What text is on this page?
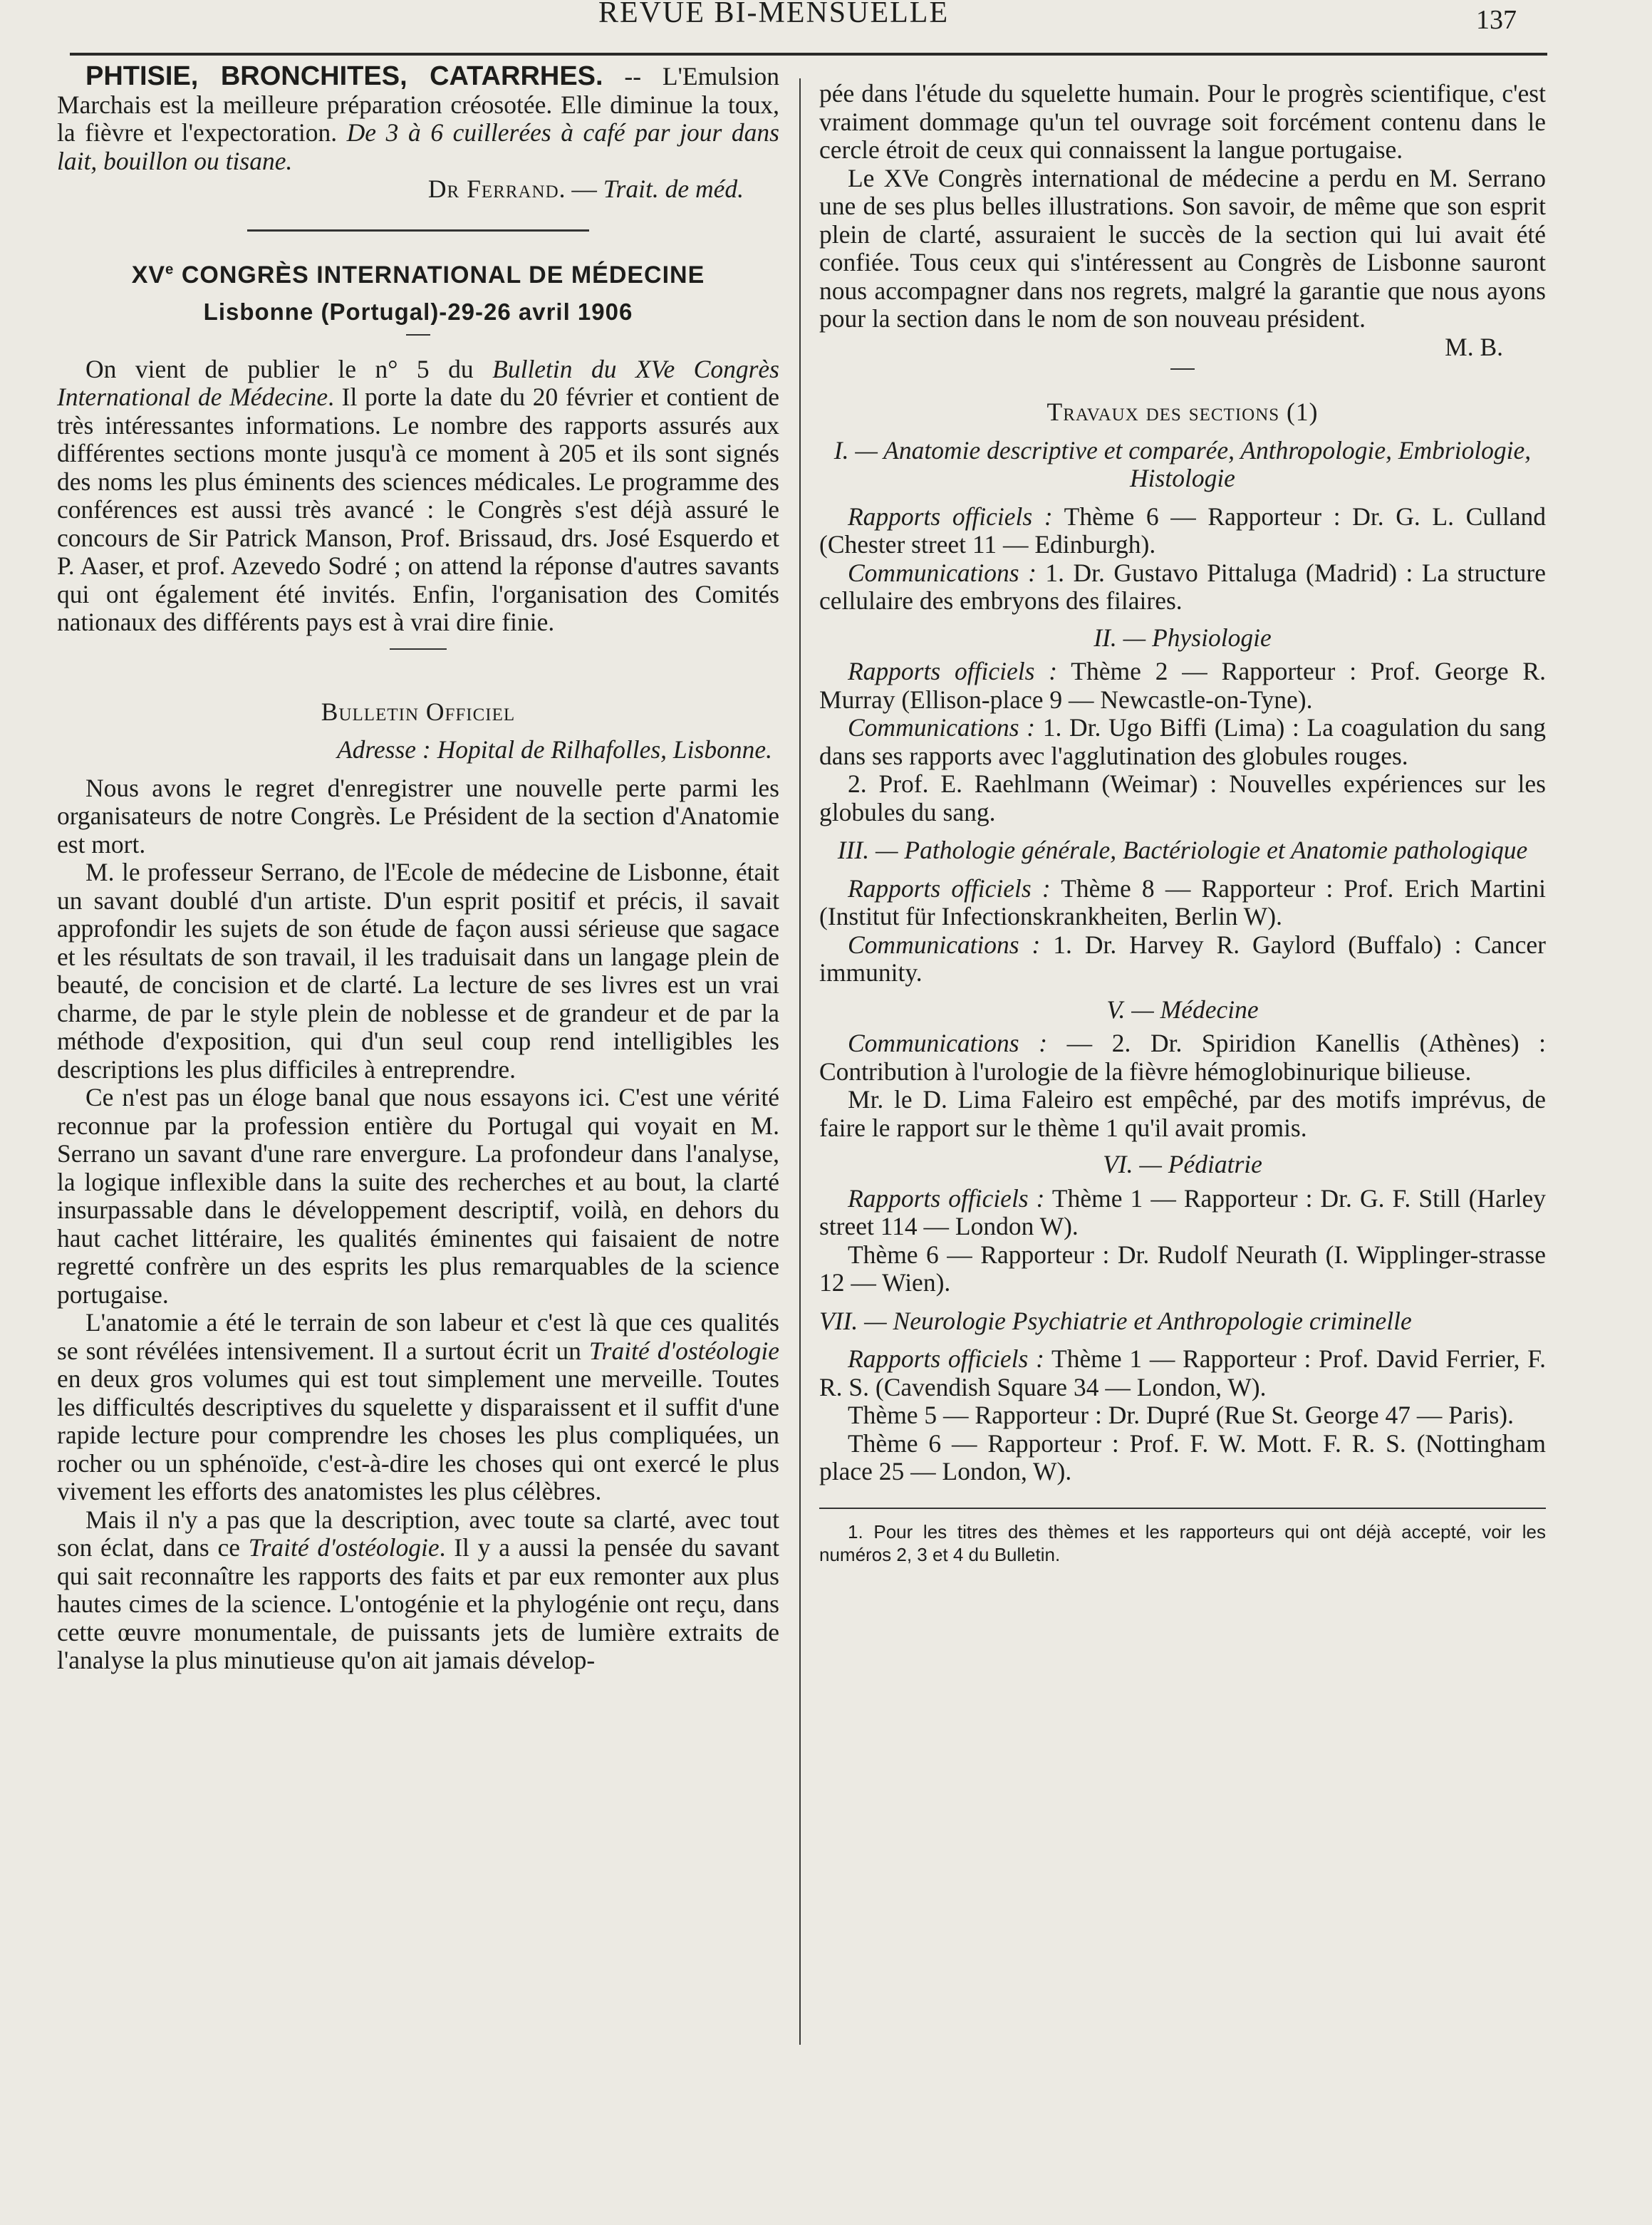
REVUE BI-MENSUELLE	137

PHTISIE, BRONCHITES, CATARRHES. -- L'Emulsion Marchais est la meilleure préparation créosotée. Elle diminue la toux, la fièvre et l'expectoration. De 3 à 6 cuillerées à café par jour dans lait, bouillon ou tisane.

Dr Ferrand. — Trait. de méd.

XVe CONGRÈS INTERNATIONAL DE MÉDECINE
Lisbonne (Portugal)-29-26 avril 1906

On vient de publier le n° 5 du Bulletin du XVe Congrès International de Médecine. Il porte la date du 20 février et contient de très intéressantes informations. Le nombre des rapports assurés aux différentes sections monte jusqu'à ce moment à 205 et ils sont signés des noms les plus éminents des sciences médicales. Le programme des conférences est aussi très avancé : le Congrès s'est déjà assuré le concours de Sir Patrick Manson, Prof. Brissaud, drs. José Esquerdo et P. Aaser, et prof. Azevedo Sodré ; on attend la réponse d'autres savants qui ont également été invités. Enfin, l'organisation des Comités nationaux des différents pays est à vrai dire finie.

Bulletin Officiel

Adresse : Hopital de Rilhafolles, Lisbonne.

Nous avons le regret d'enregistrer une nouvelle perte parmi les organisateurs de notre Congrès. Le Président de la section d'Anatomie est mort.

M. le professeur Serrano, de l'Ecole de médecine de Lisbonne, était un savant doublé d'un artiste. D'un esprit positif et précis, il savait approfondir les sujets de son étude de façon aussi sérieuse que sagace et les résultats de son travail, il les traduisait dans un langage plein de beauté, de concision et de clarté. La lecture de ses livres est un vrai charme, de par le style plein de noblesse et de grandeur et de par la méthode d'exposition, qui d'un seul coup rend intelligibles les descriptions les plus difficiles à entreprendre.

Ce n'est pas un éloge banal que nous essayons ici. C'est une vérité reconnue par la profession entière du Portugal qui voyait en M. Serrano un savant d'une rare envergure. La profondeur dans l'analyse, la logique inflexible dans la suite des recherches et au bout, la clarté insurpassable dans le développement descriptif, voilà, en dehors du haut cachet littéraire, les qualités éminentes qui faisaient de notre regretté confrère un des esprits les plus remarquables de la science portugaise.

L'anatomie a été le terrain de son labeur et c'est là que ces qualités se sont révélées intensivement. Il a surtout écrit un Traité d'ostéologie en deux gros volumes qui est tout simplement une merveille. Toutes les difficultés descriptives du squelette y disparaissent et il suffit d'une rapide lecture pour comprendre les choses les plus compliquées, un rocher ou un sphénoïde, c'est-à-dire les choses qui ont exercé le plus vivement les efforts des anatomistes les plus célèbres.

Mais il n'y a pas que la description, avec toute sa clarté, avec tout son éclat, dans ce Traité d'ostéologie. Il y a aussi la pensée du savant qui sait reconnaître les rapports des faits et par eux remonter aux plus hautes cimes de la science. L'ontogénie et la phylogénie ont reçu, dans cette œuvre monumentale, de puissants jets de lumière extraits de l'analyse la plus minutieuse qu'on ait jamais dévelop-

pée dans l'étude du squelette humain. Pour le progrès scientifique, c'est vraiment dommage qu'un tel ouvrage soit forcément contenu dans le cercle étroit de ceux qui connaissent la langue portugaise.

Le XVe Congrès international de médecine a perdu en M. Serrano une de ses plus belles illustrations. Son savoir, de même que son esprit plein de clarté, assuraient le succès de la section qui lui avait été confiée. Tous ceux qui s'intéressent au Congrès de Lisbonne sauront nous accompagner dans nos regrets, malgré la garantie que nous ayons pour la section dans le nom de son nouveau président.

M. B.

Travaux des sections (1)

I. — Anatomie descriptive et comparée, Anthropologie, Embriologie, Histologie

Rapports officiels : Thème 6 — Rapporteur : Dr. G. L. Culland (Chester street 11 — Edinburgh).

Communications : 1. Dr. Gustavo Pittaluga (Madrid) : La structure cellulaire des embryons des filaires.

II. — Physiologie

Rapports officiels : Thème 2 — Rapporteur : Prof. George R. Murray (Ellison-place 9 — Newcastle-on-Tyne).

Communications : 1. Dr. Ugo Biffi (Lima) : La coagulation du sang dans ses rapports avec l'agglutination des globules rouges.

2. Prof. E. Raehlmann (Weimar) : Nouvelles expériences sur les globules du sang.

III. — Pathologie générale, Bactériologie et Anatomie pathologique

Rapports officiels : Thème 8 — Rapporteur : Prof. Erich Martini (Institut für Infectionskrankheiten, Berlin W).

Communications : 1. Dr. Harvey R. Gaylord (Buffalo) : Cancer immunity.

V. — Médecine

Communications : — 2. Dr. Spiridion Kanellis (Athènes) : Contribution à l'urologie de la fièvre hémoglobinurique bilieuse.

Mr. le D. Lima Faleiro est empêché, par des motifs imprévus, de faire le rapport sur le thème 1 qu'il avait promis.

VI. — Pédiatrie

Rapports officiels : Thème 1 — Rapporteur : Dr. G. F. Still (Harley street 114 — London W).

Thème 6 — Rapporteur : Dr. Rudolf Neurath (I. Wipplinger-strasse 12 — Wien).

VII. — Neurologie Psychiatrie et Anthropologie criminelle

Rapports officiels : Thème 1 — Rapporteur : Prof. David Ferrier, F. R. S. (Cavendish Square 34 — London, W).

Thème 5 — Rapporteur : Dr. Dupré (Rue St. George 47 — Paris).

Thème 6 — Rapporteur : Prof. F. W. Mott. F. R. S. (Nottingham place 25 — London, W).

1. Pour les titres des thèmes et les rapporteurs qui ont déjà accepté, voir les numéros 2, 3 et 4 du Bulletin.
